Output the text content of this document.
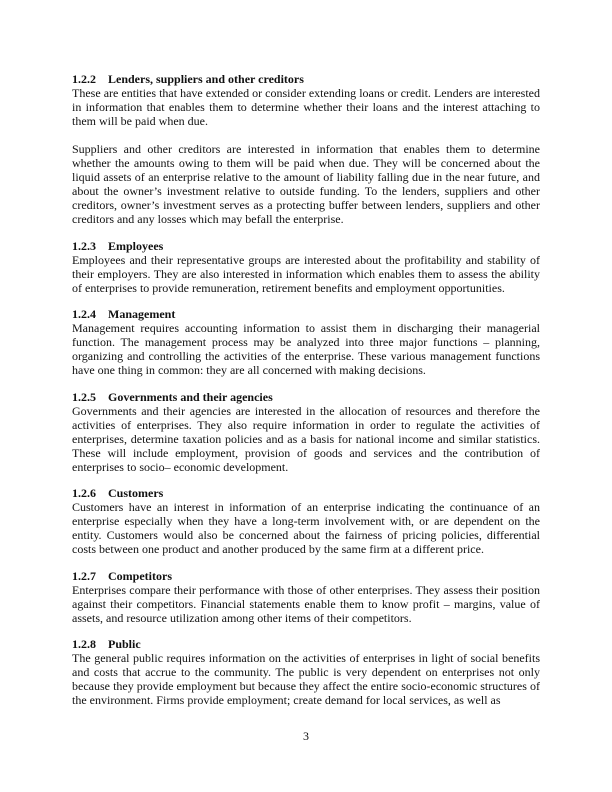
1.2.2 Lenders, suppliers and other creditors

These are entities that have extended or consider extending loans or credit. Lenders are interested in information that enables them to determine whether their loans and the interest attaching to them will be paid when due.

Suppliers and other creditors are interested in information that enables them to determine whether the amounts owing to them will be paid when due. They will be concerned about the liquid assets of an enterprise relative to the amount of liability falling due in the near future, and about the owner’s investment relative to outside funding. To the lenders, suppliers and other creditors, owner’s investment serves as a protecting buffer between lenders, suppliers and other creditors and any losses which may befall the enterprise.

1.2.3 Employees

Employees and their representative groups are interested about the profitability and stability of their employers. They are also interested in information which enables them to assess the ability of enterprises to provide remuneration, retirement benefits and employment opportunities.

1.2.4 Management

Management requires accounting information to assist them in discharging their managerial function. The management process may be analyzed into three major functions – planning, organizing and controlling the activities of the enterprise. These various management functions have one thing in common: they are all concerned with making decisions.

1.2.5 Governments and their agencies

Governments and their agencies are interested in the allocation of resources and therefore the activities of enterprises. They also require information in order to regulate the activities of enterprises, determine taxation policies and as a basis for national income and similar statistics. These will include employment, provision of goods and services and the contribution of enterprises to socio– economic development.

1.2.6 Customers

Customers have an interest in information of an enterprise indicating the continuance of an enterprise especially when they have a long-term involvement with, or are dependent on the entity. Customers would also be concerned about the fairness of pricing policies, differential costs between one product and another produced by the same firm at a different price.

1.2.7 Competitors

Enterprises compare their performance with those of other enterprises. They assess their position against their competitors. Financial statements enable them to know profit – margins, value of assets, and resource utilization among other items of their competitors.

1.2.8 Public

The general public requires information on the activities of enterprises in light of social benefits and costs that accrue to the community. The public is very dependent on enterprises not only because they provide employment but because they affect the entire socio-economic structures of the environment. Firms provide employment; create demand for local services, as well as

3
